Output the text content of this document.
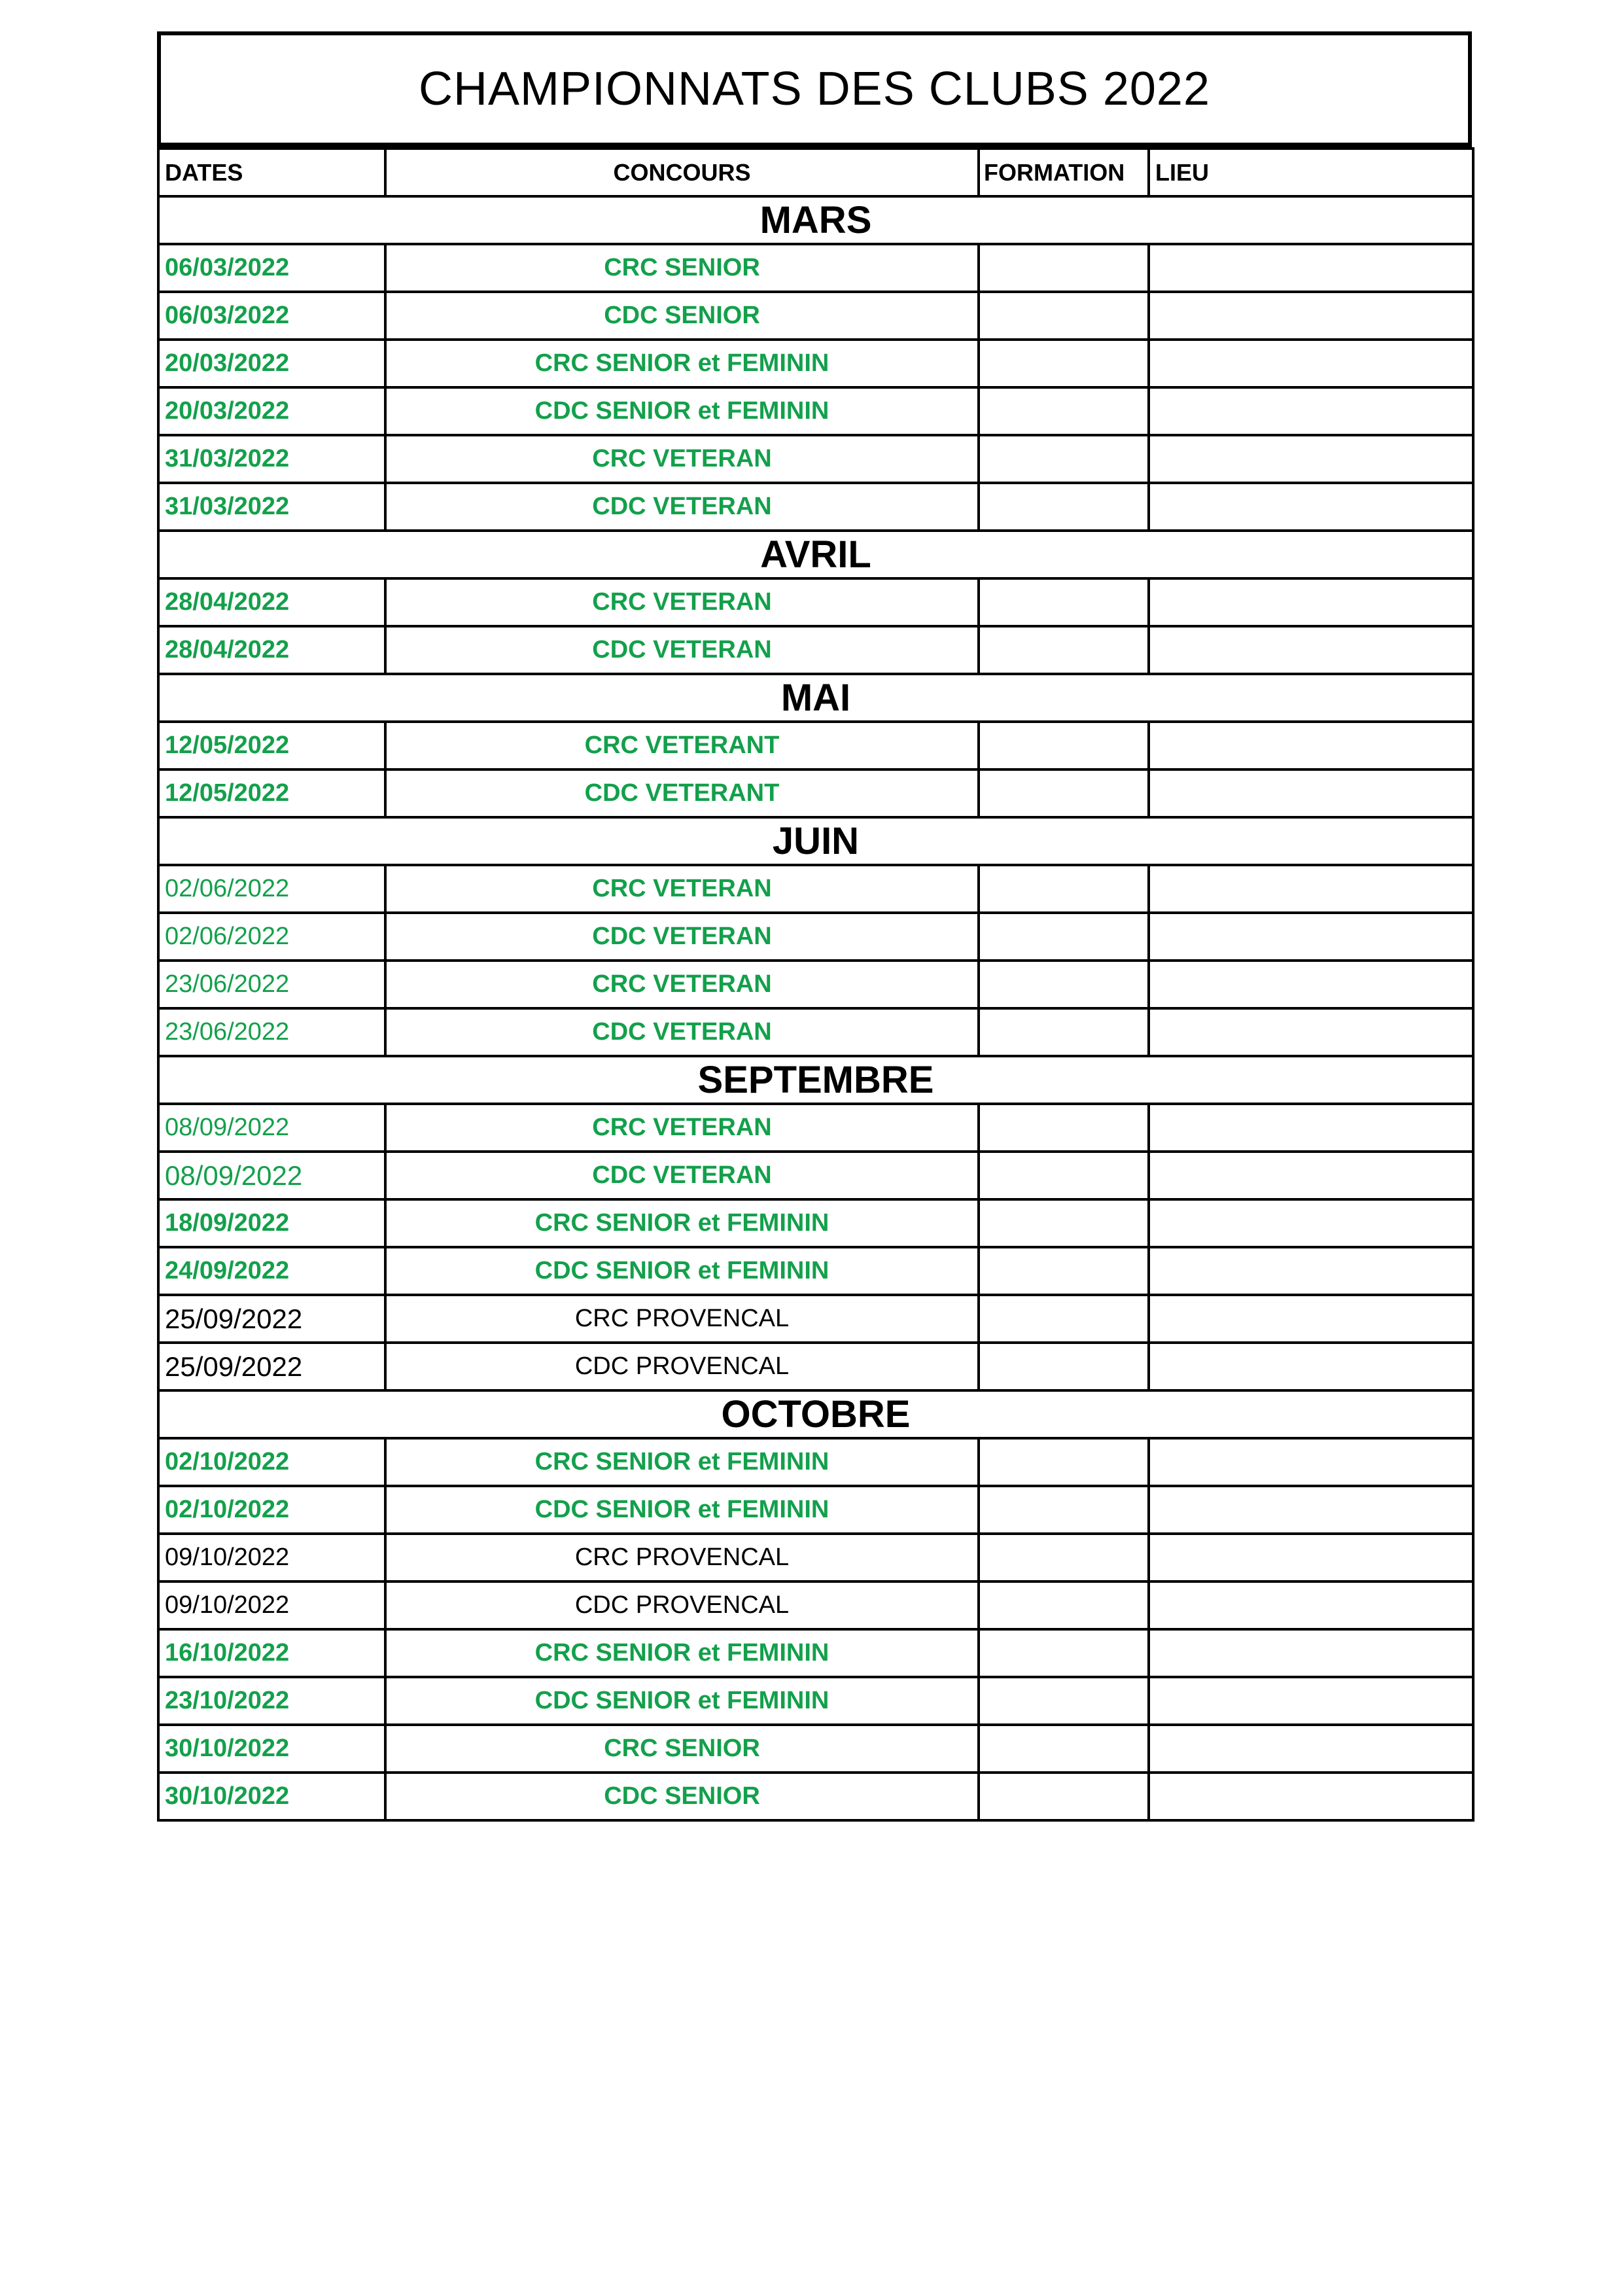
CHAMPIONNATS DES CLUBS 2022
DATES	CONCOURS	FORMATION	LIEU
MARS			
06/03/2022	CRC SENIOR		
06/03/2022	CDC SENIOR		
20/03/2022	CRC SENIOR et FEMININ		
20/03/2022	CDC SENIOR et FEMININ		
31/03/2022	CRC VETERAN		
31/03/2022	CDC VETERAN		
AVRIL			
28/04/2022	CRC VETERAN		
28/04/2022	CDC VETERAN		
MAI			
12/05/2022	CRC VETERANT		
12/05/2022	CDC VETERANT		
JUIN			
02/06/2022	CRC VETERAN		
02/06/2022	CDC VETERAN		
23/06/2022	CRC VETERAN		
23/06/2022	CDC VETERAN		
SEPTEMBRE			
08/09/2022	CRC VETERAN		
08/09/2022	CDC VETERAN		
18/09/2022	CRC SENIOR et FEMININ		
24/09/2022	CDC SENIOR et FEMININ		
25/09/2022	CRC PROVENCAL		
25/09/2022	CDC PROVENCAL		
OCTOBRE			
02/10/2022	CRC SENIOR et FEMININ		
02/10/2022	CDC SENIOR et FEMININ		
09/10/2022	CRC PROVENCAL		
09/10/2022	CDC PROVENCAL		
16/10/2022	CRC SENIOR et FEMININ		
23/10/2022	CDC SENIOR et FEMININ		
30/10/2022	CRC SENIOR		
30/10/2022	CDC SENIOR		
